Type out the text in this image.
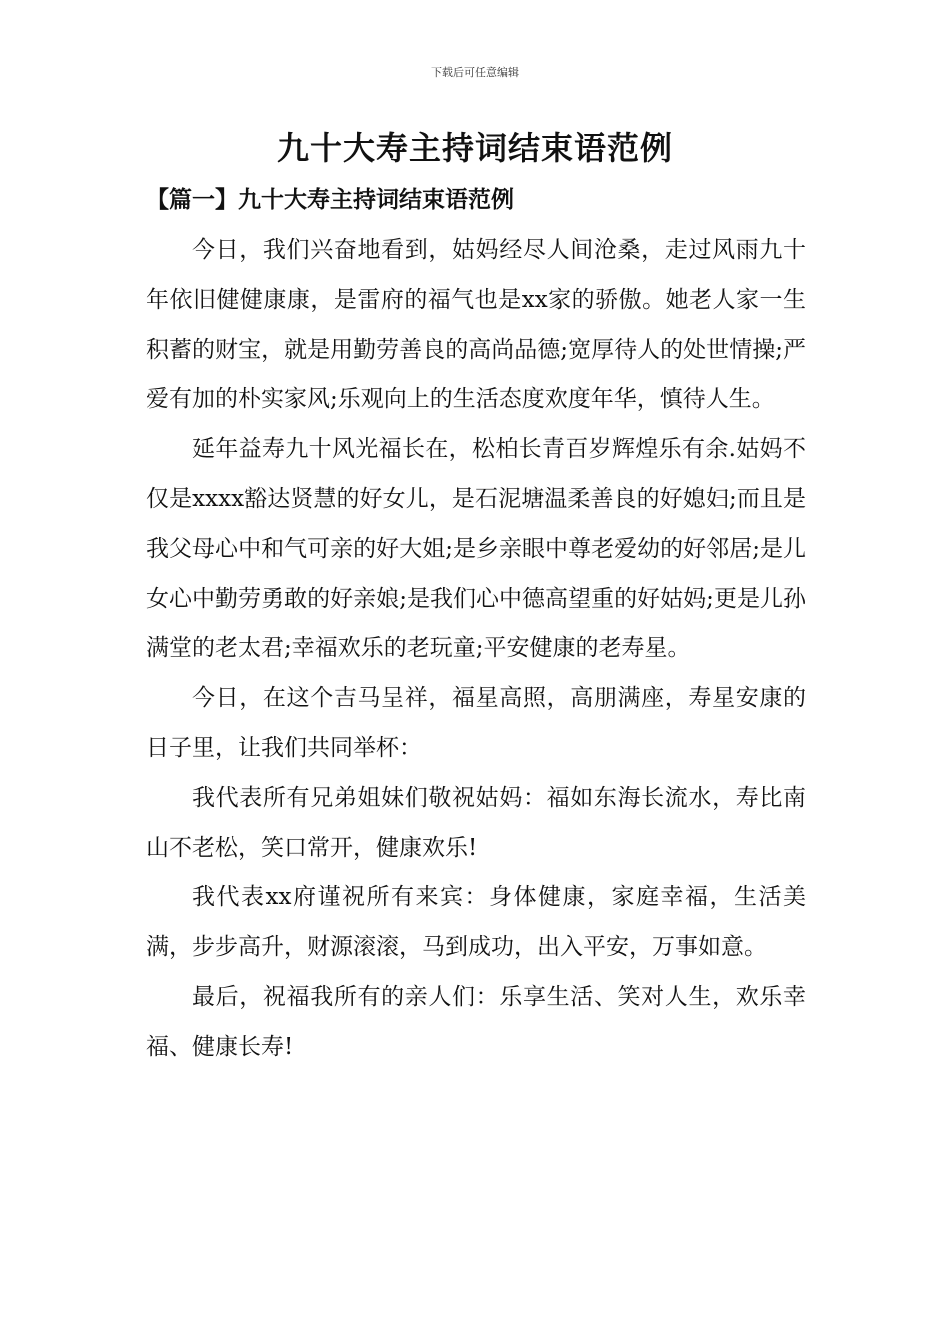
下载后可任意编辑
九十大寿主持词结束语范例
【篇一】九十大寿主持词结束语范例

今日，我们兴奋地看到，姑妈经尽人间沧桑，走过风雨九十年依旧健健康康，是雷府的福气也是xx家的骄傲。她老人家一生积蓄的财宝，就是用勤劳善良的高尚品德;宽厚待人的处世情操;严爱有加的朴实家风;乐观向上的生活态度欢度年华，慎待人生。

延年益寿九十风光福长在，松柏长青百岁辉煌乐有余.姑妈不仅是xxxx豁达贤慧的好女儿，是石泥塘温柔善良的好媳妇;而且是我父母心中和气可亲的好大姐;是乡亲眼中尊老爱幼的好邻居;是儿女心中勤劳勇敢的好亲娘;是我们心中德高望重的好姑妈;更是儿孙满堂的老太君;幸福欢乐的老玩童;平安健康的老寿星。

今日，在这个吉马呈祥，福星高照，高朋满座，寿星安康的日子里，让我们共同举杯：

我代表所有兄弟姐妹们敬祝姑妈：福如东海长流水，寿比南山不老松，笑口常开，健康欢乐!

我代表xx府谨祝所有来宾：身体健康，家庭幸福，生活美满，步步高升，财源滚滚，马到成功，出入平安，万事如意。

最后，祝福我所有的亲人们：乐享生活、笑对人生，欢乐幸福、健康长寿!
